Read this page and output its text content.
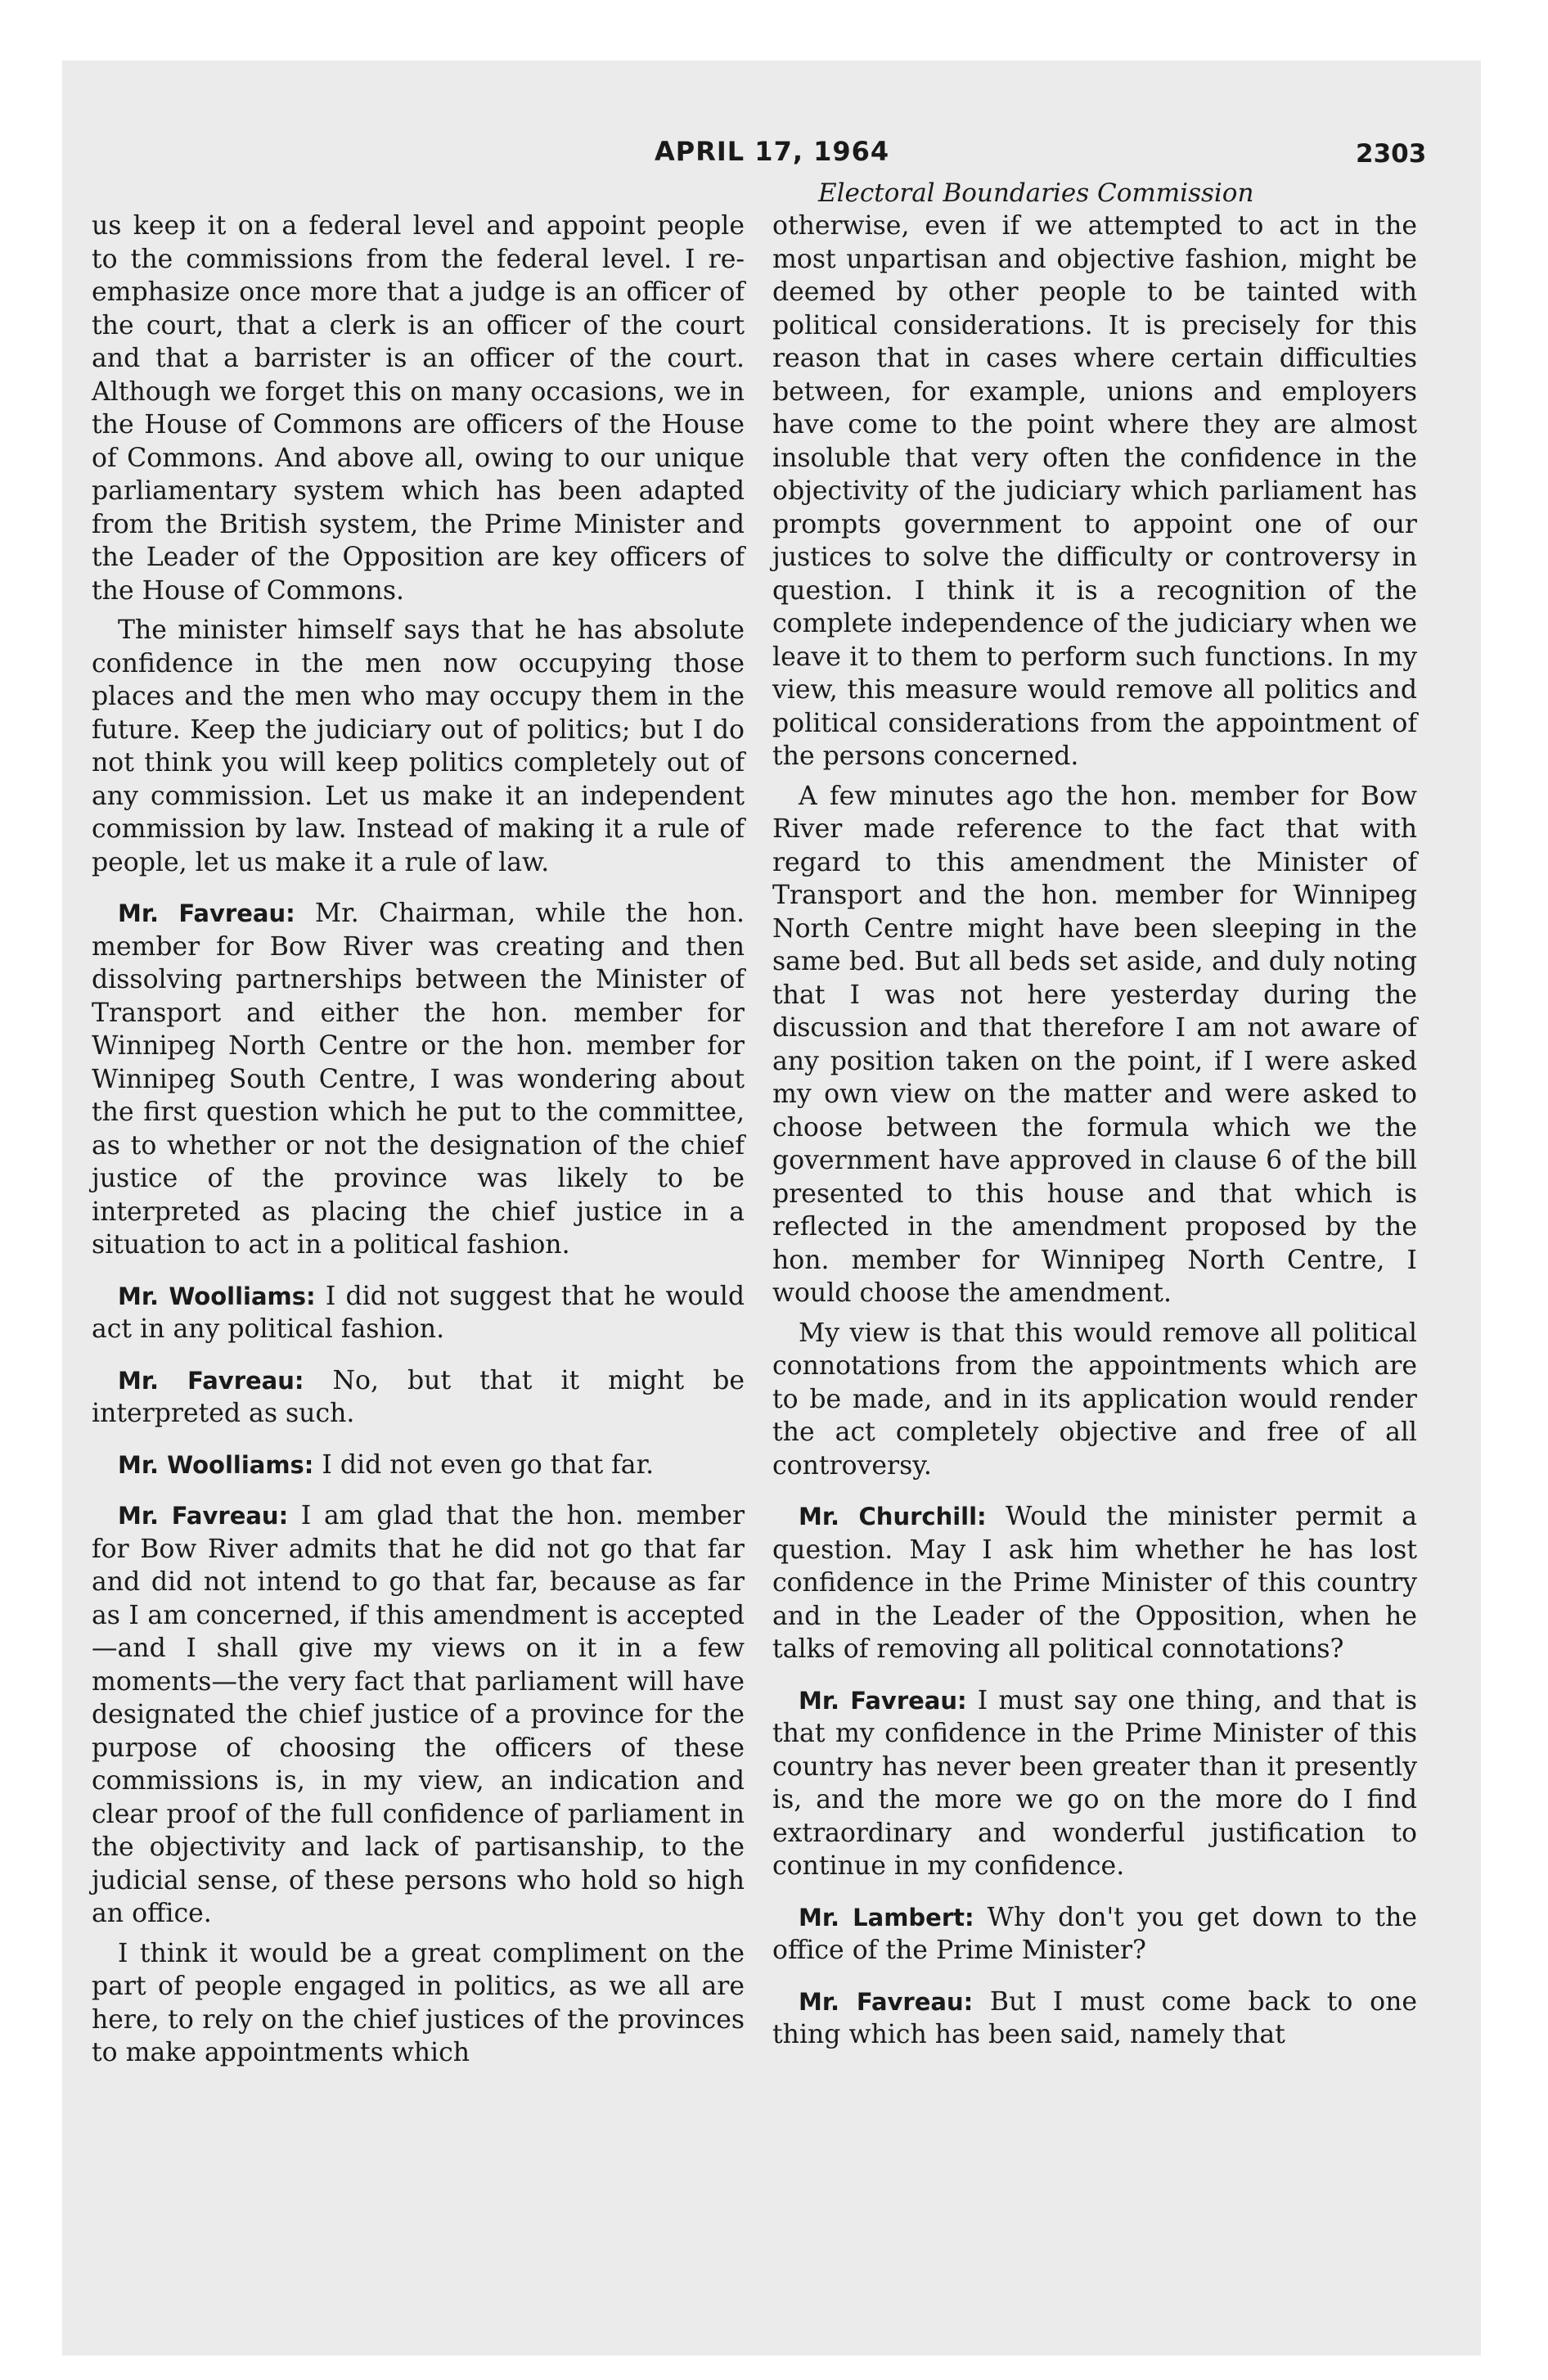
APRIL 17, 1964	2303
Electoral Boundaries Commission

us keep it on a federal level and appoint people to the commissions from the federal level. I re-emphasize once more that a judge is an officer of the court, that a clerk is an officer of the court and that a barrister is an officer of the court. Although we forget this on many occasions, we in the House of Commons are officers of the House of Commons. And above all, owing to our unique parliamentary system which has been adapted from the British system, the Prime Minister and the Leader of the Opposition are key officers of the House of Commons.

The minister himself says that he has absolute confidence in the men now occupying those places and the men who may occupy them in the future. Keep the judiciary out of politics; but I do not think you will keep politics completely out of any commission. Let us make it an independent commission by law. Instead of making it a rule of people, let us make it a rule of law.

Mr. Favreau: Mr. Chairman, while the hon. member for Bow River was creating and then dissolving partnerships between the Minister of Transport and either the hon. member for Winnipeg North Centre or the hon. member for Winnipeg South Centre, I was wondering about the first question which he put to the committee, as to whether or not the designation of the chief justice of the province was likely to be interpreted as placing the chief justice in a situation to act in a political fashion.

Mr. Woolliams: I did not suggest that he would act in any political fashion.

Mr. Favreau: No, but that it might be interpreted as such.

Mr. Woolliams: I did not even go that far.

Mr. Favreau: I am glad that the hon. member for Bow River admits that he did not go that far and did not intend to go that far, because as far as I am concerned, if this amendment is accepted—and I shall give my views on it in a few moments—the very fact that parliament will have designated the chief justice of a province for the purpose of choosing the officers of these commissions is, in my view, an indication and clear proof of the full confidence of parliament in the objectivity and lack of partisanship, to the judicial sense, of these persons who hold so high an office.

I think it would be a great compliment on the part of people engaged in politics, as we all are here, to rely on the chief justices of the provinces to make appointments which

otherwise, even if we attempted to act in the most unpartisan and objective fashion, might be deemed by other people to be tainted with political considerations. It is precisely for this reason that in cases where certain difficulties between, for example, unions and employers have come to the point where they are almost insoluble that very often the confidence in the objectivity of the judiciary which parliament has prompts government to appoint one of our justices to solve the difficulty or controversy in question. I think it is a recognition of the complete independence of the judiciary when we leave it to them to perform such functions. In my view, this measure would remove all politics and political considerations from the appointment of the persons concerned.

A few minutes ago the hon. member for Bow River made reference to the fact that with regard to this amendment the Minister of Transport and the hon. member for Winnipeg North Centre might have been sleeping in the same bed. But all beds set aside, and duly noting that I was not here yesterday during the discussion and that therefore I am not aware of any position taken on the point, if I were asked my own view on the matter and were asked to choose between the formula which we the government have approved in clause 6 of the bill presented to this house and that which is reflected in the amendment proposed by the hon. member for Winnipeg North Centre, I would choose the amendment.

My view is that this would remove all political connotations from the appointments which are to be made, and in its application would render the act completely objective and free of all controversy.

Mr. Churchill: Would the minister permit a question. May I ask him whether he has lost confidence in the Prime Minister of this country and in the Leader of the Opposition, when he talks of removing all political connotations?

Mr. Favreau: I must say one thing, and that is that my confidence in the Prime Minister of this country has never been greater than it presently is, and the more we go on the more do I find extraordinary and wonderful justification to continue in my confidence.

Mr. Lambert: Why don't you get down to the office of the Prime Minister?

Mr. Favreau: But I must come back to one thing which has been said, namely that
